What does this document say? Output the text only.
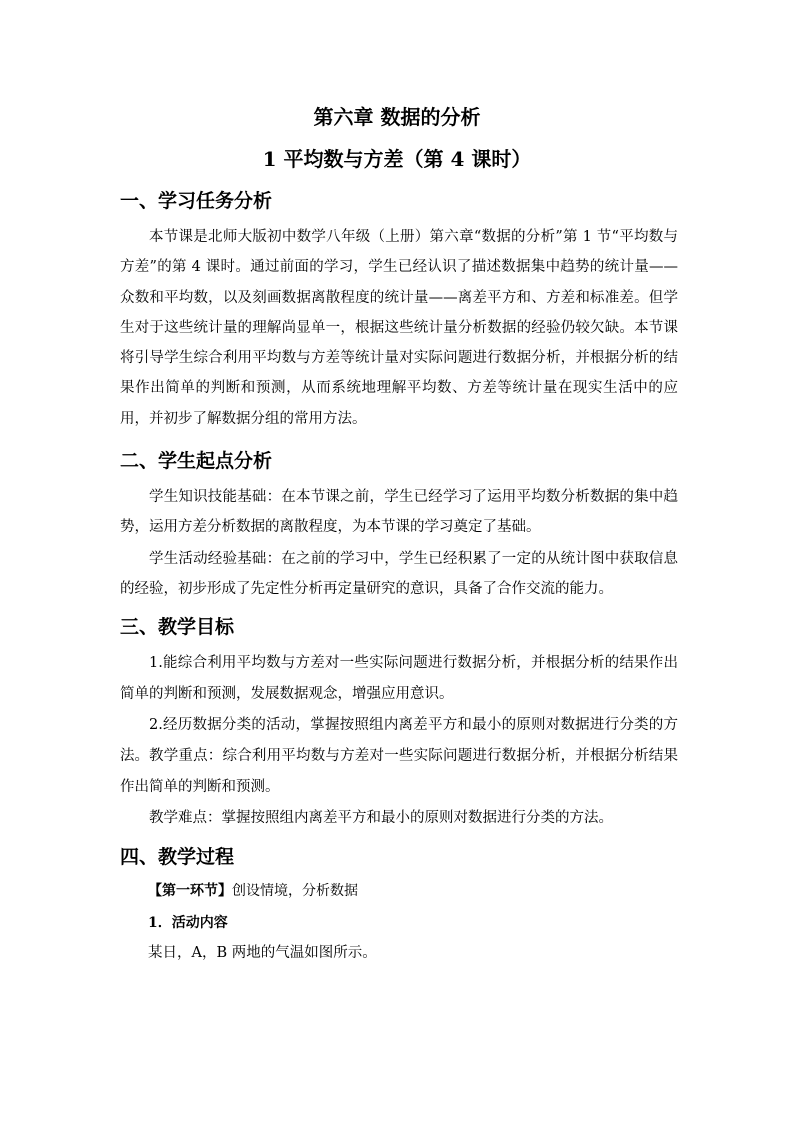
第六章 数据的分析
1 平均数与方差（第 4 课时）
一、学习任务分析

本节课是北师大版初中数学八年级（上册）第六章“数据的分析”第 1 节“平均数与方差”的第 4 课时。通过前面的学习，学生已经认识了描述数据集中趋势的统计量——众数和平均数，以及刻画数据离散程度的统计量——离差平方和、方差和标准差。但学生对于这些统计量的理解尚显单一，根据这些统计量分析数据的经验仍较欠缺。本节课将引导学生综合利用平均数与方差等统计量对实际问题进行数据分析，并根据分析的结果作出简单的判断和预测，从而系统地理解平均数、方差等统计量在现实生活中的应用，并初步了解数据分组的常用方法。

二、学生起点分析

学生知识技能基础：在本节课之前，学生已经学习了运用平均数分析数据的集中趋势，运用方差分析数据的离散程度，为本节课的学习奠定了基础。

学生活动经验基础：在之前的学习中，学生已经积累了一定的从统计图中获取信息的经验，初步形成了先定性分析再定量研究的意识，具备了合作交流的能力。

三、教学目标

1.能综合利用平均数与方差对一些实际问题进行数据分析，并根据分析的结果作出简单的判断和预测，发展数据观念，增强应用意识。

2.经历数据分类的活动，掌握按照组内离差平方和最小的原则对数据进行分类的方法。 教学重点：综合利用平均数与方差对一些实际问题进行数据分析，并根据分析结果作出简单的判断和预测。

教学难点：掌握按照组内离差平方和最小的原则对数据进行分类的方法。

四、教学过程

【第一环节】创设情境，分析数据

1．活动内容

某日，A，B 两地的气温如图所示。
